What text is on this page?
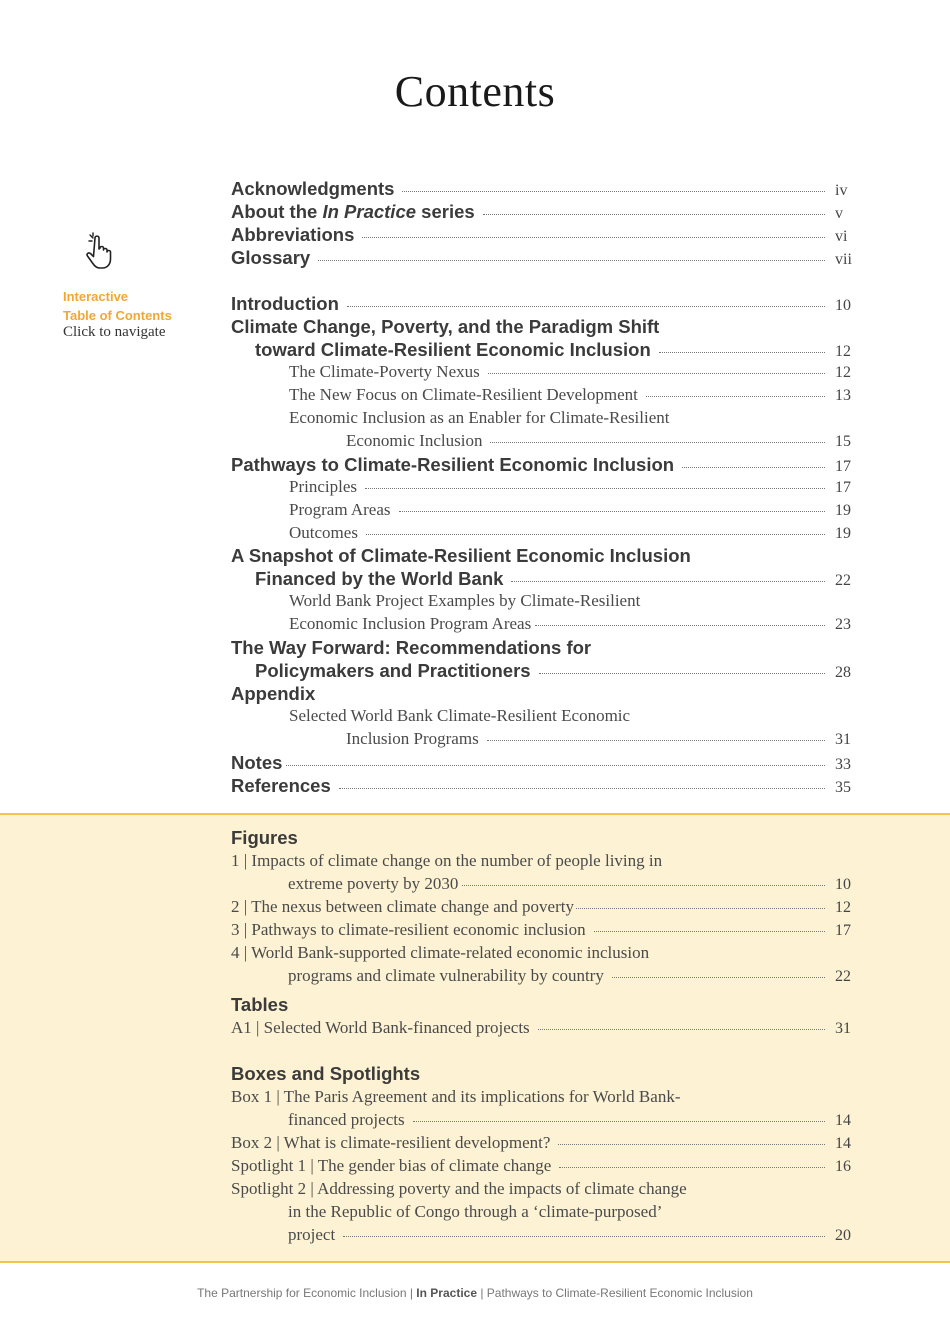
Contents
Interactive
Table of Contents
Click to navigate
Acknowledgments	iv
About the In Practice series	v
Abbreviations	vi
Glossary	vii
Introduction	10
Climate Change, Poverty, and the Paradigm Shift
toward Climate-Resilient Economic Inclusion	12
The Climate-Poverty Nexus	12
The New Focus on Climate-Resilient Development	13
Economic Inclusion as an Enabler for Climate-Resilient
Economic Inclusion	15
Pathways to Climate-Resilient Economic Inclusion	17
Principles	17
Program Areas	19
Outcomes	19
A Snapshot of Climate-Resilient Economic Inclusion
Financed by the World Bank	22
World Bank Project Examples by Climate-Resilient
Economic Inclusion Program Areas	23
The Way Forward: Recommendations for
Policymakers and Practitioners	28
Appendix
Selected World Bank Climate-Resilient Economic
Inclusion Programs	31
Notes	33
References	35
Figures
1 | Impacts of climate change on the number of people living in
extreme poverty by 2030	10
2 | The nexus between climate change and poverty	12
3 | Pathways to climate-resilient economic inclusion	17
4 | World Bank-supported climate-related economic inclusion
programs and climate vulnerability by country	22
Tables
A1 | Selected World Bank-financed projects	31
Boxes and Spotlights
Box 1 | The Paris Agreement and its implications for World Bank-
financed projects	14
Box 2 | What is climate-resilient development?	14
Spotlight 1 | The gender bias of climate change	16
Spotlight 2 | Addressing poverty and the impacts of climate change
in the Republic of Congo through a ‘climate-purposed’
project	20
The Partnership for Economic Inclusion | In Practice | Pathways to Climate-Resilient Economic Inclusion
